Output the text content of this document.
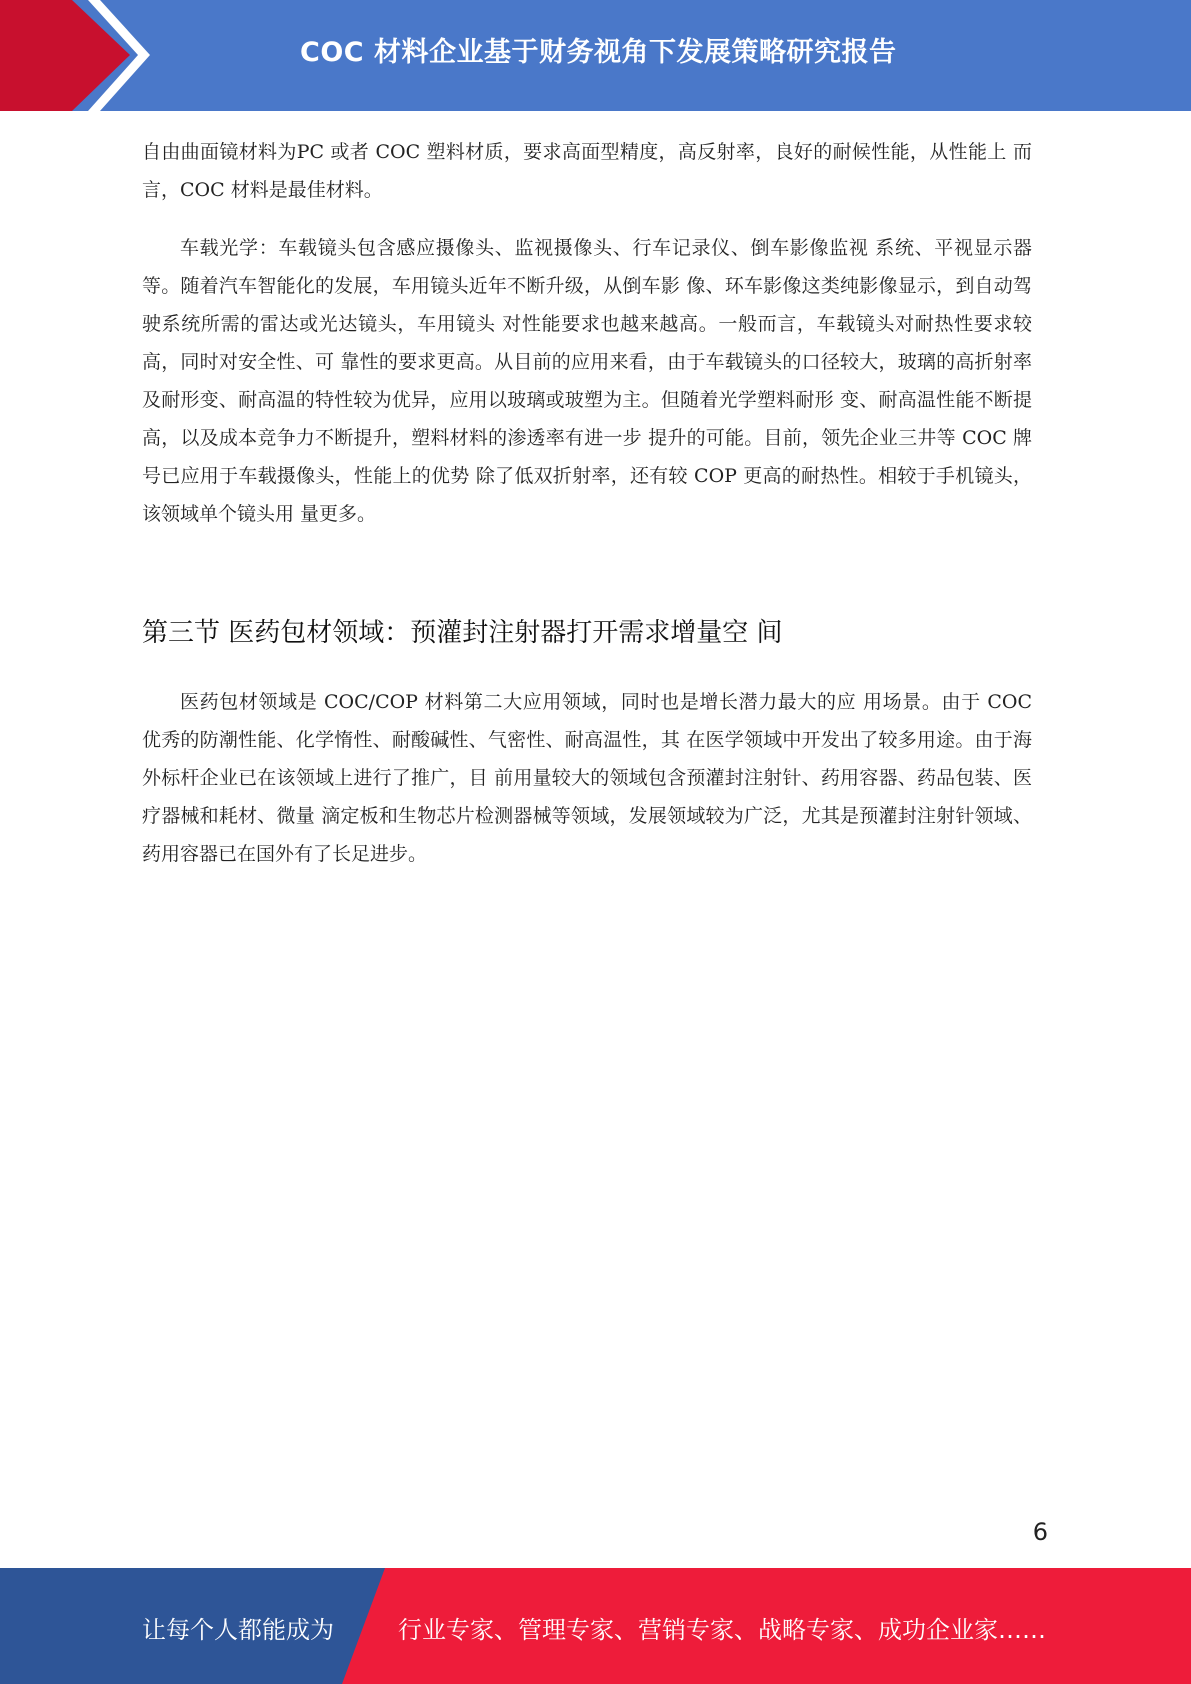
COC 材料企业基于财务视角下发展策略研究报告

自由曲面镜材料为PC 或者 COC 塑料材质，要求高面型精度，高反射率，良好的耐候性能，从性能上 而言，COC 材料是最佳材料。

车载光学：车载镜头包含感应摄像头、监视摄像头、行车记录仪、倒车影像监视 系统、平视显示器等。随着汽车智能化的发展，车用镜头近年不断升级，从倒车影 像、环车影像这类纯影像显示，到自动驾驶系统所需的雷达或光达镜头，车用镜头 对性能要求也越来越高。一般而言，车载镜头对耐热性要求较高，同时对安全性、可 靠性的要求更高。从目前的应用来看，由于车载镜头的口径较大，玻璃的高折射率 及耐形变、耐高温的特性较为优异，应用以玻璃或玻塑为主。但随着光学塑料耐形 变、耐高温性能不断提高，以及成本竞争力不断提升，塑料材料的渗透率有进一步 提升的可能。目前，领先企业三井等 COC 牌号已应用于车载摄像头，性能上的优势 除了低双折射率，还有较 COP 更高的耐热性。相较于手机镜头，该领域单个镜头用 量更多。

第三节 医药包材领域：预灌封注射器打开需求增量空 间

医药包材领域是 COC/COP 材料第二大应用领域，同时也是增长潜力最大的应 用场景。由于 COC 优秀的防潮性能、化学惰性、耐酸碱性、气密性、耐高温性，其 在医学领域中开发出了较多用途。由于海外标杆企业已在该领域上进行了推广，目 前用量较大的领域包含预灌封注射针、药用容器、药品包装、医疗器械和耗材、微量 滴定板和生物芯片检测器械等领域，发展领域较为广泛，尤其是预灌封注射针领域、 药用容器已在国外有了长足进步。

6
让每个人都能成为	行业专家、管理专家、营销专家、战略专家、成功企业家……
